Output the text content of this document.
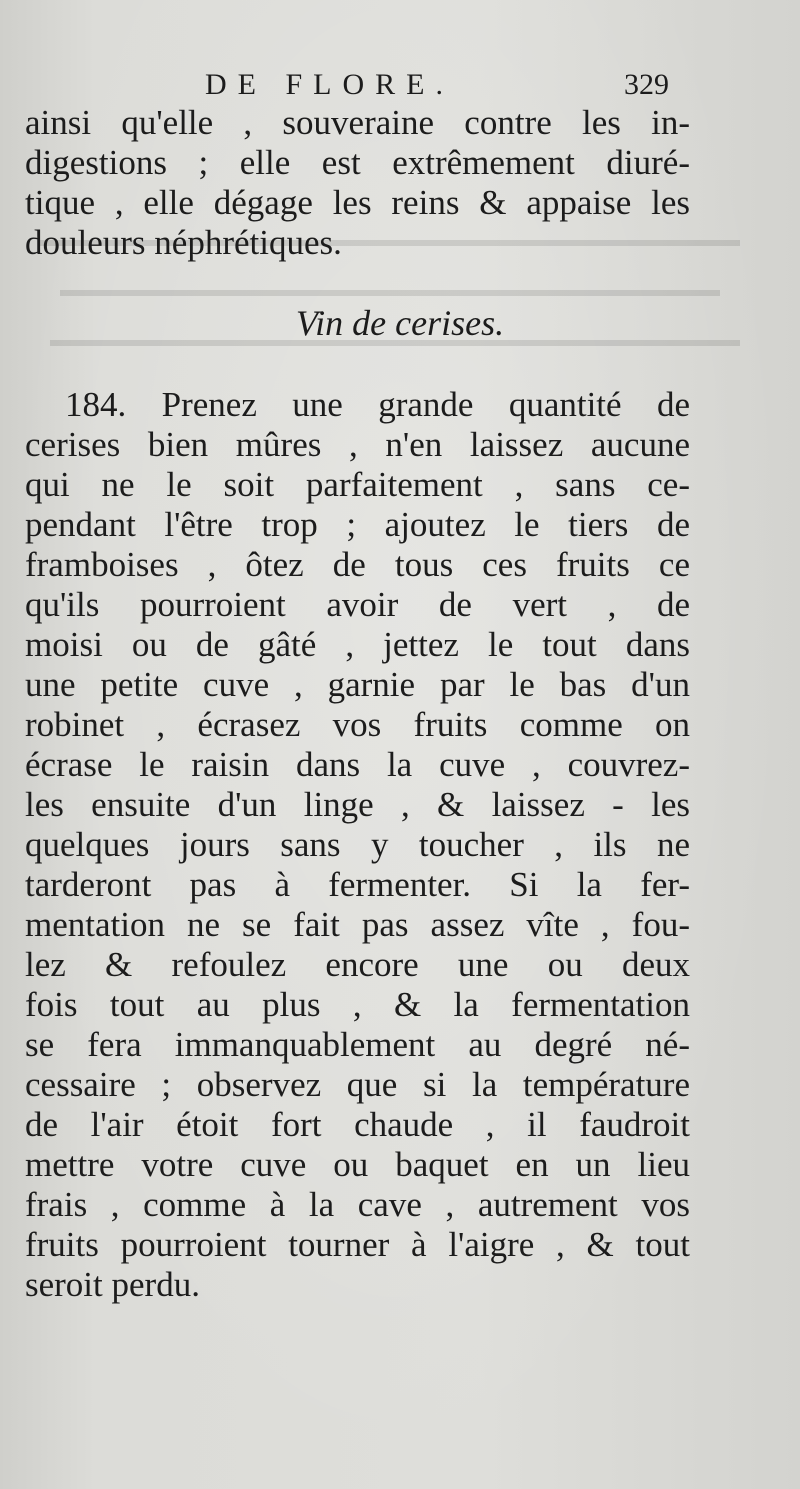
DE FLORE.	329
ainsi qu'elle , souveraine contre les in-
digestions ; elle est extrêmement diuré-
tique , elle dégage les reins & appaise les
douleurs néphrétiques.
Vin de cerises.
184. Prenez une grande quantité de
cerises bien mûres , n'en laissez aucune
qui ne le soit parfaitement , sans ce-
pendant l'être trop ; ajoutez le tiers de
framboises , ôtez de tous ces fruits ce
qu'ils pourroient avoir de vert , de
moisi ou de gâté , jettez le tout dans
une petite cuve , garnie par le bas d'un
robinet , écrasez vos fruits comme on
écrase le raisin dans la cuve , couvrez-
les ensuite d'un linge , & laissez - les
quelques jours sans y toucher , ils ne
tarderont pas à fermenter. Si la fer-
mentation ne se fait pas assez vîte , fou-
lez & refoulez encore une ou deux
fois tout au plus , & la fermentation
se fera immanquablement au degré né-
cessaire ; observez que si la température
de l'air étoit fort chaude , il faudroit
mettre votre cuve ou baquet en un lieu
frais , comme à la cave , autrement vos
fruits pourroient tourner à l'aigre , & tout
seroit perdu.
